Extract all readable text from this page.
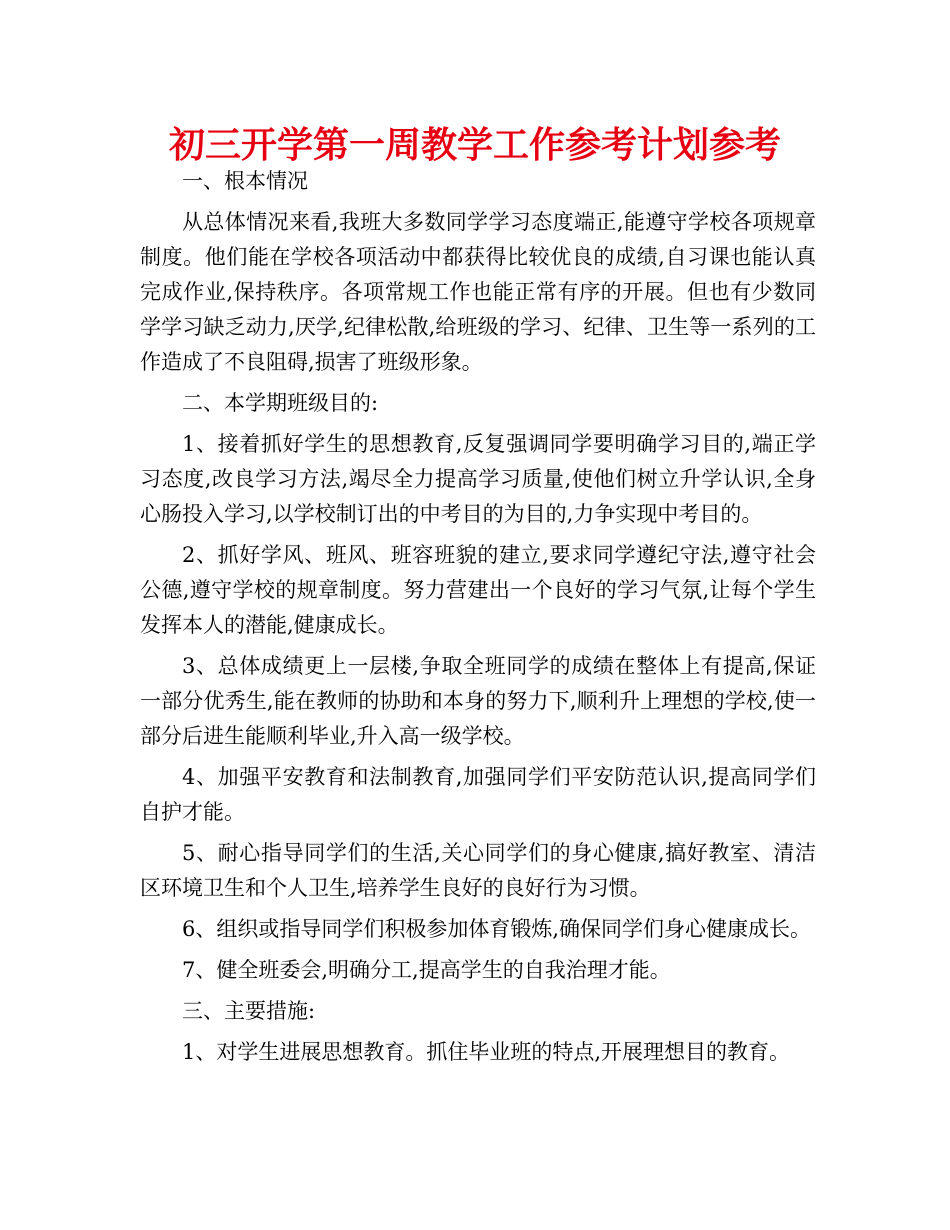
初三开学第一周教学工作参考计划参考

一、根本情况

从总体情况来看,我班大多数同学学习态度端正,能遵守学校各项规章制度。他们能在学校各项活动中都获得比较优良的成绩,自习课也能认真完成作业,保持秩序。各项常规工作也能正常有序的开展。但也有少数同学学习缺乏动力,厌学,纪律松散,给班级的学习、纪律、卫生等一系列的工作造成了不良阻碍,损害了班级形象。

二、本学期班级目的:

1、接着抓好学生的思想教育,反复强调同学要明确学习目的,端正学习态度,改良学习方法,竭尽全力提高学习质量,使他们树立升学认识,全身心肠投入学习,以学校制订出的中考目的为目的,力争实现中考目的。

2、抓好学风、班风、班容班貌的建立,要求同学遵纪守法,遵守社会公德,遵守学校的规章制度。努力营建出一个良好的学习气氛,让每个学生发挥本人的潜能,健康成长。

3、总体成绩更上一层楼,争取全班同学的成绩在整体上有提高,保证一部分优秀生,能在教师的协助和本身的努力下,顺利升上理想的学校,使一部分后进生能顺利毕业,升入高一级学校。

4、加强平安教育和法制教育,加强同学们平安防范认识,提高同学们自护才能。

5、耐心指导同学们的生活,关心同学们的身心健康,搞好教室、清洁区环境卫生和个人卫生,培养学生良好的良好行为习惯。

6、组织或指导同学们积极参加体育锻炼,确保同学们身心健康成长。

7、健全班委会,明确分工,提高学生的自我治理才能。

三、主要措施:

1、对学生进展思想教育。抓住毕业班的特点,开展理想目的教育。
